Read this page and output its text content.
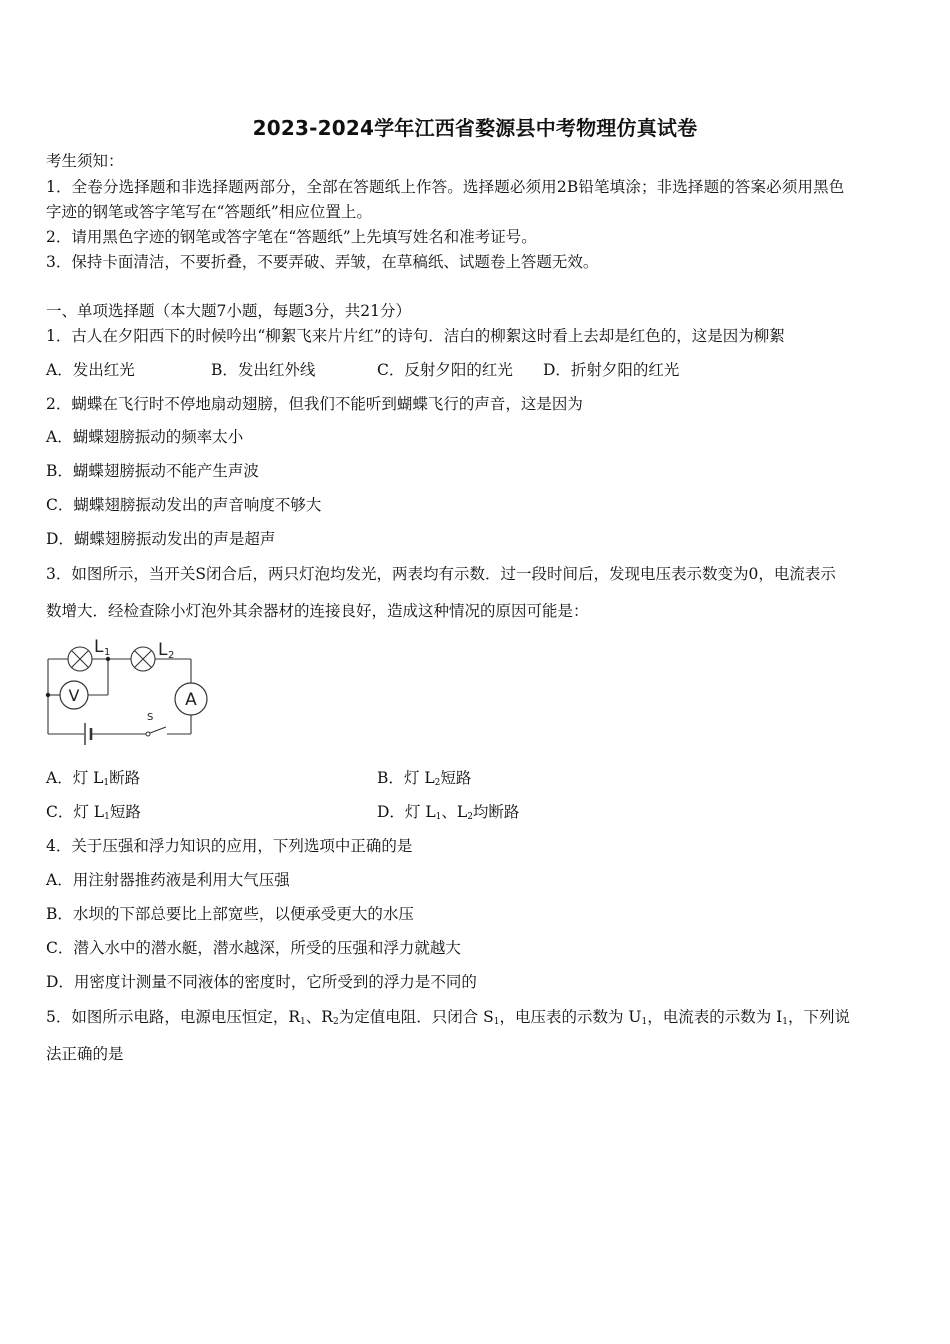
2023-2024学年江西省婺源县中考物理仿真试卷
考生须知：
1．全卷分选择题和非选择题两部分，全部在答题纸上作答。选择题必须用2B铅笔填涂；非选择题的答案必须用黑色
字迹的钢笔或答字笔写在“答题纸”相应位置上。
2．请用黑色字迹的钢笔或答字笔在“答题纸”上先填写姓名和准考证号。
3．保持卡面清洁，不要折叠，不要弄破、弄皱，在草稿纸、试题卷上答题无效。
一、单项选择题（本大题7小题，每题3分，共21分）
1．古人在夕阳西下的时候吟出“柳絮飞来片片红”的诗句．洁白的柳絮这时看上去却是红色的，这是因为柳絮
A．发出红光	B．发出红外线	C．反射夕阳的红光 D．折射夕阳的红光
2．蝴蝶在飞行时不停地扇动翅膀，但我们不能听到蝴蝶飞行的声音，这是因为
A．蝴蝶翅膀振动的频率太小
B．蝴蝶翅膀振动不能产生声波
C．蝴蝶翅膀振动发出的声音响度不够大
D．蝴蝶翅膀振动发出的声是超声
3．如图所示，当开关S闭合后，两只灯泡均发光，两表均有示数．过一段时间后，发现电压表示数变为0，电流表示
数增大．经检查除小灯泡外其余器材的连接良好，造成这种情况的原因可能是：
V	A
S
L 1	L 2
A．灯 $L_1$断路	B．灯 $L_2$短路
C．灯 $L_1$短路	D．灯 $L_1$、$L_2$均断路
4．关于压强和浮力知识的应用，下列选项中正确的是
A．用注射器推药液是利用大气压强
B．水坝的下部总要比上部宽些，以便承受更大的水压
C．潜入水中的潜水艇，潜水越深，所受的压强和浮力就越大
D．用密度计测量不同液体的密度时，它所受到的浮力是不同的
5．如图所示电路，电源电压恒定，$R_1$、$R_2$为定值电阻．只闭合 $S_1$，电压表的示数为 $U_1$，电流表的示数为 $I_1$，下列说
法正确的是
